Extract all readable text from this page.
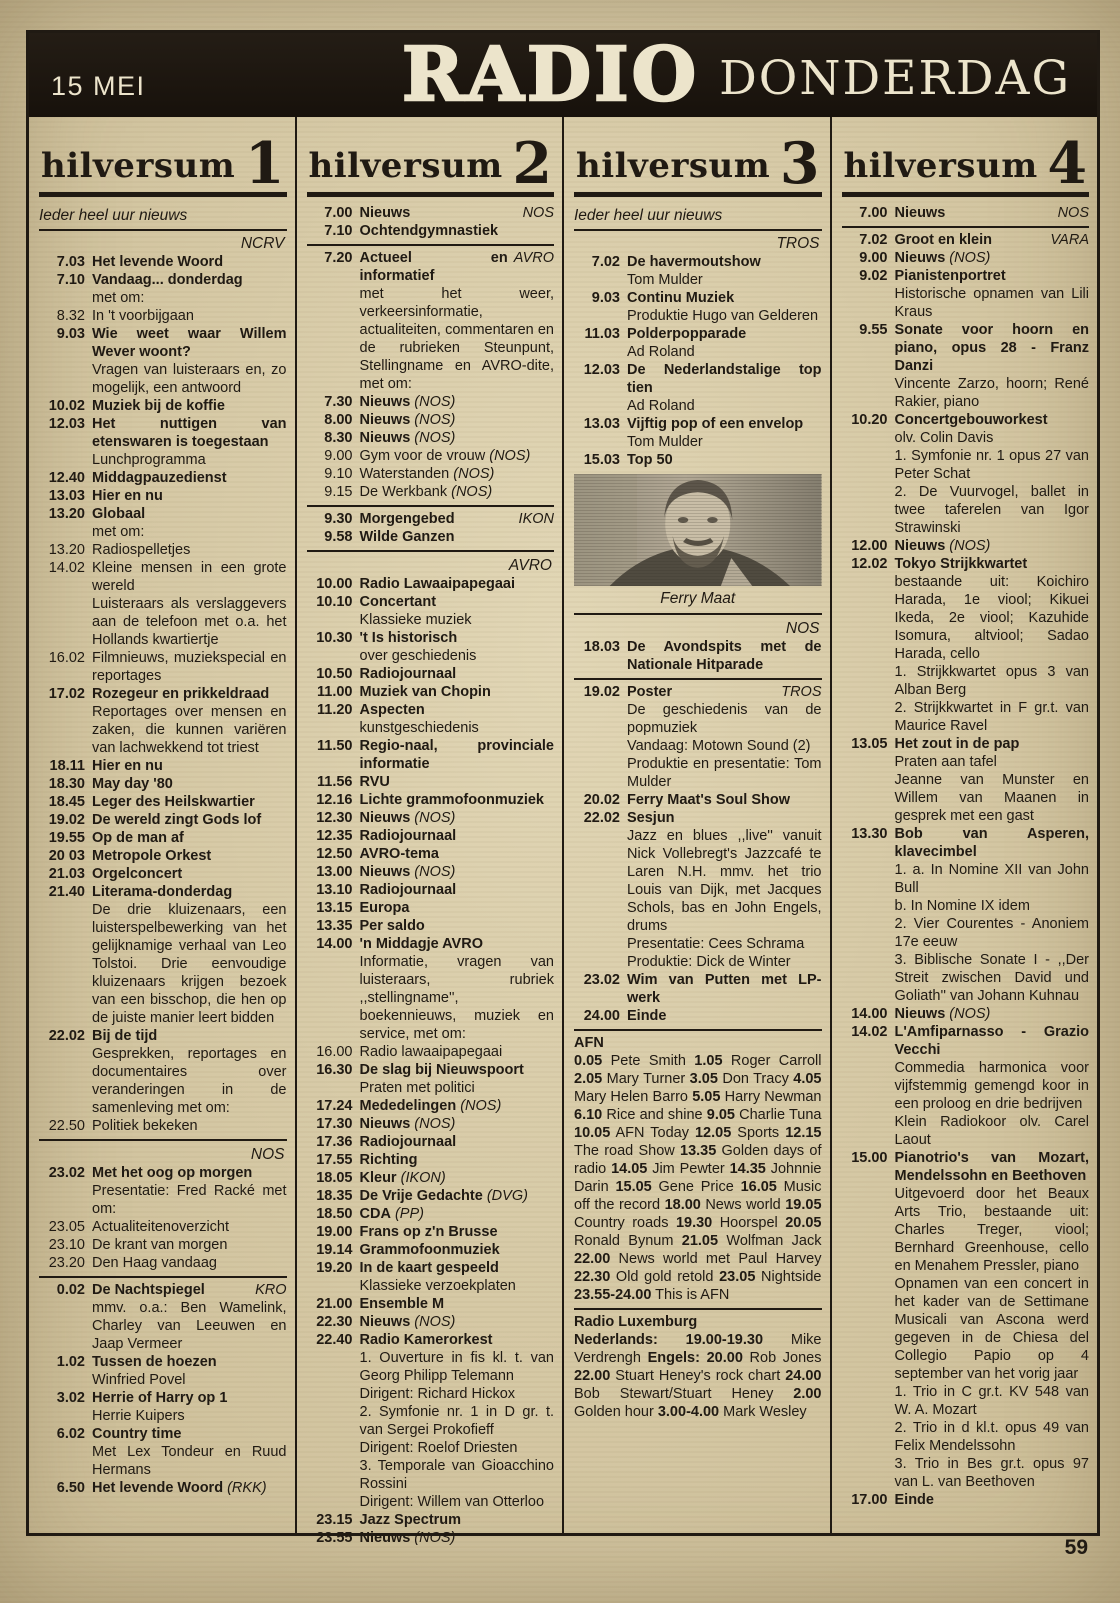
15 MEI	RADIO DONDERDAG
hilversum 1
Ieder heel uur nieuws
NCRV
7.03 Het levende Woord
7.10 Vandaag... donderdag
met om:
8.32 In 't voorbijgaan
9.03 Wie weet waar Willem Wever woont?
Vragen van luisteraars en, zo mogelijk, een antwoord
10.02 Muziek bij de koffie
12.03 Het nuttigen van etenswaren is toegestaan
Lunchprogramma
12.40 Middagpauzedienst
13.03 Hier en nu
13.20 Globaal
met om:
13.20 Radiospelletjes
14.02 Kleine mensen in een grote wereld
Luisteraars als verslaggevers aan de telefoon met o.a. het Hollands kwartiertje
16.02 Filmnieuws, muziekspecial en reportages
17.02 Rozegeur en prikkeldraad
Reportages over mensen en zaken, die kunnen variëren van lachwekkend tot triest
18.11 Hier en nu
18.30 May day '80
18.45 Leger des Heilskwartier
19.02 De wereld zingt Gods lof
19.55 Op de man af
20 03 Metropole Orkest
21.03 Orgelconcert
21.40 Literama-donderdag
De drie kluizenaars, een luisterspelbewerking van het gelijknamige verhaal van Leo Tolstoi. Drie eenvoudige kluizenaars krijgen bezoek van een bisschop, die hen op de juiste manier leert bidden
22.02 Bij de tijd
Gesprekken, reportages en documentaires over veranderingen in de samenleving met om:
22.50 Politiek bekeken
NOS
23.02 Met het oog op morgen
Presentatie: Fred Racké met om:
23.05 Actualiteitenoverzicht
23.10 De krant van morgen
23.20 Den Haag vandaag
0.02	KRO
De Nachtspiegel
mmv. o.a.: Ben Wamelink, Charley van Leeuwen en Jaap Vermeer
1.02 Tussen de hoezen
Winfried Povel
3.02 Herrie of Harry op 1
Herrie Kuipers
6.02 Country time
Met Lex Tondeur en Ruud Hermans
6.50 Het levende Woord (RKK)
hilversum 2
7.00	NOS
Nieuws
7.10 Ochtendgymnastiek
7.20	AVRO
Actueel en informatief
met het weer, verkeersinformatie, actualiteiten, commentaren en de rubrieken Steunpunt, Stellingname en AVRO-dite, met om:
7.30 Nieuws (NOS)
8.00 Nieuws (NOS)
8.30 Nieuws (NOS)
9.00 Gym voor de vrouw (NOS)
9.10 Waterstanden (NOS)
9.15 De Werkbank (NOS)
9.30	IKON
Morgengebed
9.58 Wilde Ganzen
AVRO
10.00 Radio Lawaaipapegaai
10.10 Concertant
Klassieke muziek
10.30 't Is historisch
over geschiedenis
10.50 Radiojournaal
11.00 Muziek van Chopin
11.20 Aspecten
kunstgeschiedenis
11.50 Regio-naal, provinciale informatie
11.56 RVU
12.16 Lichte grammofoonmuziek
12.30 Nieuws (NOS)
12.35 Radiojournaal
12.50 AVRO-tema
13.00 Nieuws (NOS)
13.10 Radiojournaal
13.15 Europa
13.35 Per saldo
14.00 'n Middagje AVRO
Informatie, vragen van luisteraars, rubriek ,,stellingname'', boekennieuws, muziek en service, met om:
16.00 Radio lawaaipapegaai
16.30 De slag bij Nieuwspoort
Praten met politici
17.24 Mededelingen (NOS)
17.30 Nieuws (NOS)
17.36 Radiojournaal
17.55 Richting
18.05 Kleur (IKON)
18.35 De Vrije Gedachte (DVG)
18.50 CDA (PP)
19.00 Frans op z'n Brusse
19.14 Grammofoonmuziek
19.20 In de kaart gespeeld
Klassieke verzoekplaten
21.00 Ensemble M
22.30 Nieuws (NOS)
22.40 Radio Kamerorkest
1. Ouverture in fis kl. t. van Georg Philipp Telemann
Dirigent: Richard Hickox
2. Symfonie nr. 1 in D gr. t. van Sergei Prokofieff
Dirigent: Roelof Driesten
3. Temporale van Gioacchino Rossini
Dirigent: Willem van Otterloo
23.15 Jazz Spectrum
23.55 Nieuws (NOS)
hilversum 3
Ieder heel uur nieuws
TROS
7.02 De havermoutshow
Tom Mulder
9.03 Continu Muziek
Produktie Hugo van Gelderen
11.03 Polderpopparade
Ad Roland
12.03 De Nederlandstalige top tien
Ad Roland
13.03 Vijftig pop of een envelop
Tom Mulder
15.03 Top 50
Ferry Maat
NOS
18.03 De Avondspits met de Nationale Hitparade
19.02	TROS
Poster
De geschiedenis van de popmuziek
Vandaag: Motown Sound (2)
Produktie en presentatie: Tom Mulder
20.02 Ferry Maat's Soul Show
22.02 Sesjun
Jazz en blues ,,live'' vanuit Nick Vollebregt's Jazzcafé te Laren N.H. mmv. het trio Louis van Dijk, met Jacques Schols, bas en John Engels, drums
Presentatie: Cees Schrama
Produktie: Dick de Winter
23.02 Wim van Putten met LP-werk
24.00 Einde
AFN
0.05 Pete Smith 1.05 Roger Carroll 2.05 Mary Turner 3.05 Don Tracy 4.05 Mary Helen Barro 5.05 Harry Newman 6.10 Rice and shine 9.05 Charlie Tuna 10.05 AFN Today 12.05 Sports 12.15 The road Show 13.35 Golden days of radio 14.05 Jim Pewter 14.35 Johnnie Darin 15.05 Gene Price 16.05 Music off the record 18.00 News world 19.05 Country roads 19.30 Hoorspel 20.05 Ronald Bynum 21.05 Wolfman Jack 22.00 News world met Paul Harvey 22.30 Old gold retold 23.05 Nightside 23.55-24.00 This is AFN
Radio Luxemburg
Nederlands: 19.00-19.30 Mike Verdrengh Engels: 20.00 Rob Jones 22.00 Stuart Heney's rock chart 24.00 Bob Stewart/Stuart Heney 2.00 Golden hour 3.00-4.00 Mark Wesley
hilversum 4
7.00	NOS
Nieuws
7.02	VARA
Groot en klein
9.00 Nieuws (NOS)
9.02 Pianistenportret
Historische opnamen van Lili Kraus
9.55 Sonate voor hoorn en piano, opus 28 - Franz Danzi
Vincente Zarzo, hoorn; René Rakier, piano
10.20 Concertgebouworkest
olv. Colin Davis
1. Symfonie nr. 1 opus 27 van Peter Schat
2. De Vuurvogel, ballet in twee taferelen van Igor Strawinski
12.00 Nieuws (NOS)
12.02 Tokyo Strijkkwartet
bestaande uit: Koichiro Harada, 1e viool; Kikuei Ikeda, 2e viool; Kazuhide Isomura, altviool; Sadao Harada, cello
1. Strijkkwartet opus 3 van Alban Berg
2. Strijkkwartet in F gr.t. van Maurice Ravel
13.05 Het zout in de pap
Praten aan tafel
Jeanne van Munster en Willem van Maanen in gesprek met een gast
13.30 Bob van Asperen, klavecimbel
1. a. In Nomine XII van John Bull
b. In Nomine IX idem
2. Vier Courentes - Anoniem 17e eeuw
3. Biblische Sonate I - ,,Der Streit zwischen David und Goliath'' van Johann Kuhnau
14.00 Nieuws (NOS)
14.02 L'Amfiparnasso - Grazio Vecchi
Commedia harmonica voor vijfstemmig gemengd koor in een proloog en drie bedrijven
Klein Radiokoor olv. Carel Laout
15.00 Pianotrio's van Mozart, Mendelssohn en Beethoven
Uitgevoerd door het Beaux Arts Trio, bestaande uit: Charles Treger, viool; Bernhard Greenhouse, cello en Menahem Pressler, piano
Opnamen van een concert in het kader van de Settimane Musicali van Ascona werd gegeven in de Chiesa del Collegio Papio op 4 september van het vorig jaar
1. Trio in C gr.t. KV 548 van W. A. Mozart
2. Trio in d kl.t. opus 49 van Felix Mendelssohn
3. Trio in Bes gr.t. opus 97 van L. van Beethoven
17.00 Einde
59
